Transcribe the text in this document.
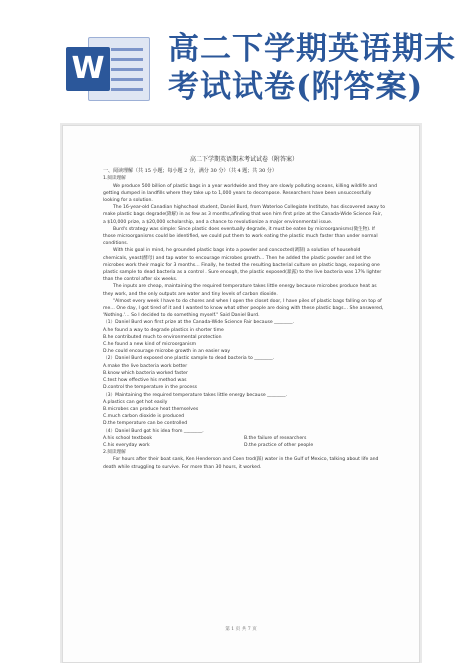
W
高二下学期英语期末考试试卷(附答案)
高二下学期英语期末考试试卷（附答案）
一、阅读理解（共 15 小题；每小题 2 分，满分 30 分）（共 4 题；共 30 分）

1.阅读理解

We produce 500 billion of plastic bags in a year worldwide and they are slowly polluting oceans, killing wildlife and getting dumped in landfills where they take up to 1,000 years to decompose. Researchers have been unsuccessfully looking for a solution.

The 16-year-old Canadian highschool student, Daniel Burd, from Waterloo Collegiate Institute, has discovered away to make plastic bags degrade(降解) in as few as 3 months,afinding that won him first prize at the Canada-Wide Science Fair, a $10,000 prize, a $20,000 scholarship, and a chance to revolutionize a major environmental issue.

Burd's strategy was simple: Since plastic does eventually degrade, it must be eaten by microorganisms(微生物). If those microorganisms could be identified, we could put them to work eating the plastic much faster than under normal conditions.

With this goal in mind, he grounded plastic bags into a powder and concocted(调制) a solution of household chemicals, yeast(酵母) and tap water to encourage microbes growth… Then he added the plastic powder and let the microbes work their magic for 3 months… Finally, he tested the resulting bacterial culture on plastic bags, exposing one plastic sample to dead bacteria as a control . Sure enough, the plastic exposed(暴露) to the live bacteria was 17% lighter than the control after six weeks.

The inputs are cheap, maintaining the required temperature takes little energy because microbes produce heat as they work, and the only outputs are water and tiny levels of carbon dioxide.

"Almost every week I have to do chores and when I open the closet door, I have piles of plastic bags falling on top of me… One day, I got tired of it and I wanted to know what other people are doing with these plastic bags… She answered, 'Nothing.'… So I decided to do something myself." Said Daniel Burd.

（1）Daniel Burd won first prize at the Canada-Wide Science Fair because ________.

A.he found a way to degrade plastics in shorter time

B.he contributed much to environmental protection

C.he found a new kind of microorganism

D.he could encourage microbe growth in an easier way

（2）Daniel Burd exposed one plastic sample to dead bacteria to ________.

A.make the live bacteria work better

B.know which bacteria worked faster

C.test how effective his method was

D.control the temperature in the process

（3）Maintaining the required temperature takes little energy because ________.

A.plastics can get hot easily

B.microbes can produce heat themselves

C.much carbon dioxide is produced

D.the temperature can be controlled

（4）Daniel Burd got his idea from ________.

A.his school textbook	B.the failure of researchers
C.his everyday work	D.the practice of other people

2.阅读理解

For hours after their boat sank, Ken Henderson and Coen trod(踩) water in the Gulf of Mexico, talking about life and death while struggling to survive. For more than 30 hours, it worked.

第 1 页 共 7 页
